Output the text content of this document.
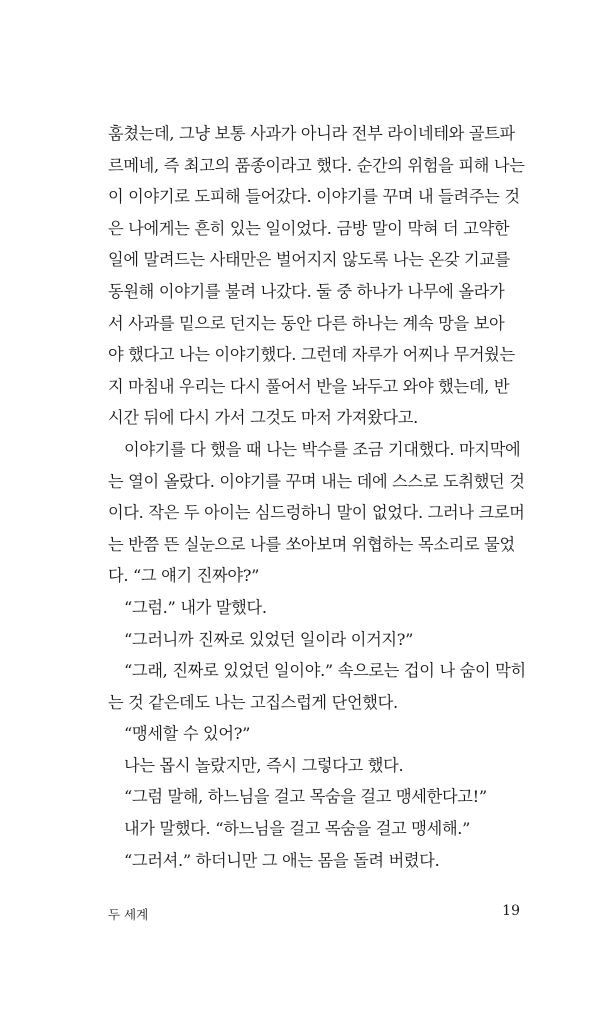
훔쳤는데, 그냥 보통 사과가 아니라 전부 라이네테와 골트파
르메네, 즉 최고의 품종이라고 했다. 순간의 위험을 피해 나는
이 이야기로 도피해 들어갔다. 이야기를 꾸며 내 들려주는 것
은 나에게는 흔히 있는 일이었다. 금방 말이 막혀 더 고약한
일에 말려드는 사태만은 벌어지지 않도록 나는 온갖 기교를
동원해 이야기를 불려 나갔다. 둘 중 하나가 나무에 올라가
서 사과를 밑으로 던지는 동안 다른 하나는 계속 망을 보아
야 했다고 나는 이야기했다. 그런데 자루가 어찌나 무거웠는
지 마침내 우리는 다시 풀어서 반을 놔두고 와야 했는데, 반
시간 뒤에 다시 가서 그것도 마저 가져왔다고.
이야기를 다 했을 때 나는 박수를 조금 기대했다. 마지막에
는 열이 올랐다. 이야기를 꾸며 내는 데에 스스로 도취했던 것
이다. 작은 두 아이는 심드렁하니 말이 없었다. 그러나 크로머
는 반쯤 뜬 실눈으로 나를 쏘아보며 위협하는 목소리로 물었
다. “그 얘기 진짜야?”
“그럼.” 내가 말했다.
“그러니까 진짜로 있었던 일이라 이거지?”
“그래, 진짜로 있었던 일이야.” 속으로는 겁이 나 숨이 막히
는 것 같은데도 나는 고집스럽게 단언했다.
“맹세할 수 있어?”
나는 몹시 놀랐지만, 즉시 그렇다고 했다.
“그럼 말해, 하느님을 걸고 목숨을 걸고 맹세한다고!”
내가 말했다. “하느님을 걸고 목숨을 걸고 맹세해.”
“그러셔.” 하더니만 그 애는 몸을 돌려 버렸다.
두 세계	19
